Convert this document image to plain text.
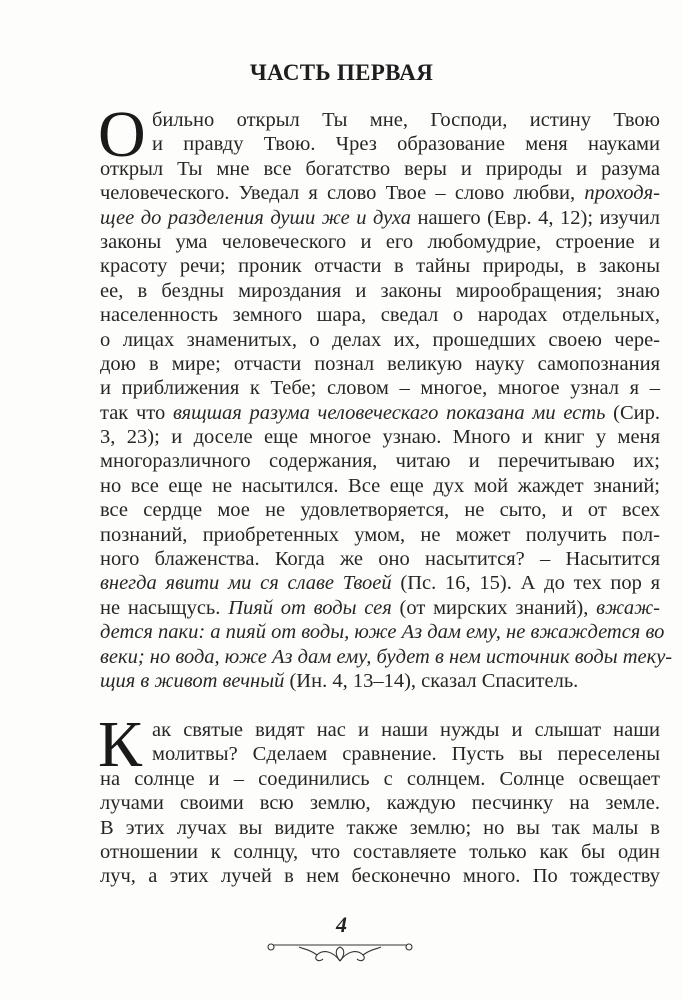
ЧАСТЬ ПЕРВАЯ
О бильно открыл Ты мне, Господи, истину Твою
и правду Твою. Чрез образование меня науками
открыл Ты мне все богатство веры и природы и разума
человеческого. Уведал я слово Твое – слово любви, проходя-
щее до разделения души же и духа нашего (Евр. 4, 12); изучил
законы ума человеческого и его любомудрие, строение и
красоту речи; проник отчасти в тайны природы, в законы
ее, в бездны мироздания и законы мирообращения; знаю
населенность земного шара, сведал о народах отдельных,
о лицах знаменитых, о делах их, прошедших своею чере-
дою в мире; отчасти познал великую науку самопознания
и приближения к Тебе; словом – многое, многое узнал я –
так что вящшая разума человеческаго показана ми есть (Сир.
3, 23); и доселе еще многое узнаю. Много и книг у меня
многоразличного содержания, читаю и перечитываю их;
но все еще не насытился. Все еще дух мой жаждет знаний;
все сердце мое не удовлетворяется, не сыто, и от всех
познаний, приобретенных умом, не может получить пол-
ного блаженства. Когда же оно насытится? – Насытится
внегда явити ми ся славе Твоей (Пс. 16, 15). А до тех пор я
не насыщусь. Пияй от воды сея (от мирских знаний), вжаж-
дется паки: а пияй от воды, юже Аз дам ему, не вжаждется во
веки; но вода, юже Аз дам ему, будет в нем источник воды теку-
щия в живот вечный (Ин. 4, 13–14), сказал Спаситель.
К ак святые видят нас и наши нужды и слышат наши
молитвы? Сделаем сравнение. Пусть вы переселены
на солнце и – соединились с солнцем. Солнце освещает
лучами своими всю землю, каждую песчинку на земле.
В этих лучах вы видите также землю; но вы так малы в
отношении к солнцу, что составляете только как бы один
луч, а этих лучей в нем бесконечно много. По тождеству
4
